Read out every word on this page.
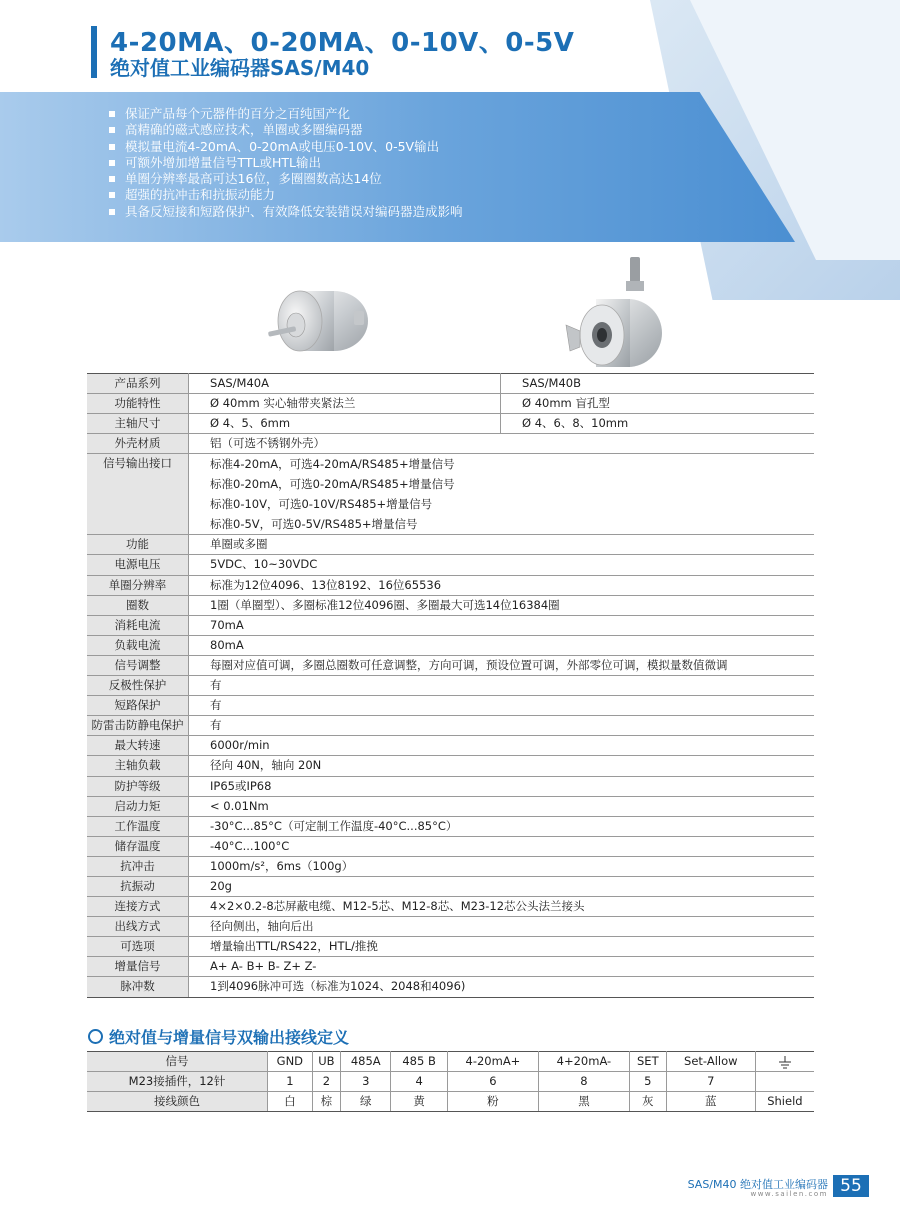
4-20MA、0-20MA、0-10V、0-5V
绝对值工业编码器SAS/M40
保证产品每个元器件的百分之百纯国产化
高精确的磁式感应技术，单圈或多圈编码器
模拟量电流4-20mA、0-20mA或电压0-10V、0-5V输出
可额外增加增量信号TTL或HTL输出
单圈分辨率最高可达16位，多圈圈数高达14位
超强的抗冲击和抗振动能力
具备反短接和短路保护、有效降低安装错误对编码器造成影响
产品系列	SAS/M40A	SAS/M40B
功能特性	Ø 40mm 实心轴带夹紧法兰	Ø 40mm 盲孔型
主轴尺寸	Ø 4、5、6mm	Ø 4、6、8、10mm
外壳材质	铝（可选不锈钢外壳）	
信号输出接口	标准4-20mA，可选4-20mA/RS485+增量信号
标准0-20mA，可选0-20mA/RS485+增量信号
标准0-10V，可选0-10V/RS485+增量信号
标准0-5V，可选0-5V/RS485+增量信号	

功能	单圈或多圈	
电源电压	5VDC、10~30VDC	
单圈分辨率	标准为12位4096、13位8192、16位65536	
圈数	1圈（单圈型）、多圈标准12位4096圈、多圈最大可选14位16384圈	
消耗电流	70mA	
负载电流	80mA	
信号调整	每圈对应值可调，多圈总圈数可任意调整，方向可调，预设位置可调，外部零位可调，模拟量数值微调	
反极性保护	有	
短路保护	有	
防雷击防静电保护	有	
最大转速	6000r/min	
主轴负载	径向 40N，轴向 20N	
防护等级	IP65或IP68	
启动力矩	< 0.01Nm	
工作温度	-30°C...85°C（可定制工作温度-40°C...85°C）	
储存温度	-40°C...100°C	
抗冲击	1000m/s²，6ms（100g）	
抗振动	20g	
连接方式	4×2×0.2-8芯屏蔽电缆、M12-5芯、M12-8芯、M23-12芯公头法兰接头	
出线方式	径向侧出，轴向后出	
可选项	增量输出TTL/RS422，HTL/推挽	
增量信号	A+ A- B+ B- Z+ Z-	
脉冲数	1到4096脉冲可选（标准为1024、2048和4096)	
绝对值与增量信号双输出接线定义
信号	GND	UB	485A	485 B	4-20mA+	4+20mA-	SET	Set-Allow	
M23接插件，12针	1	2	3	4	6	8	5	7	
接线颜色	白	棕	绿	黄	粉	黑	灰	蓝	Shield
SAS/M40 绝对值工业编码器
www.sailen.com 55
